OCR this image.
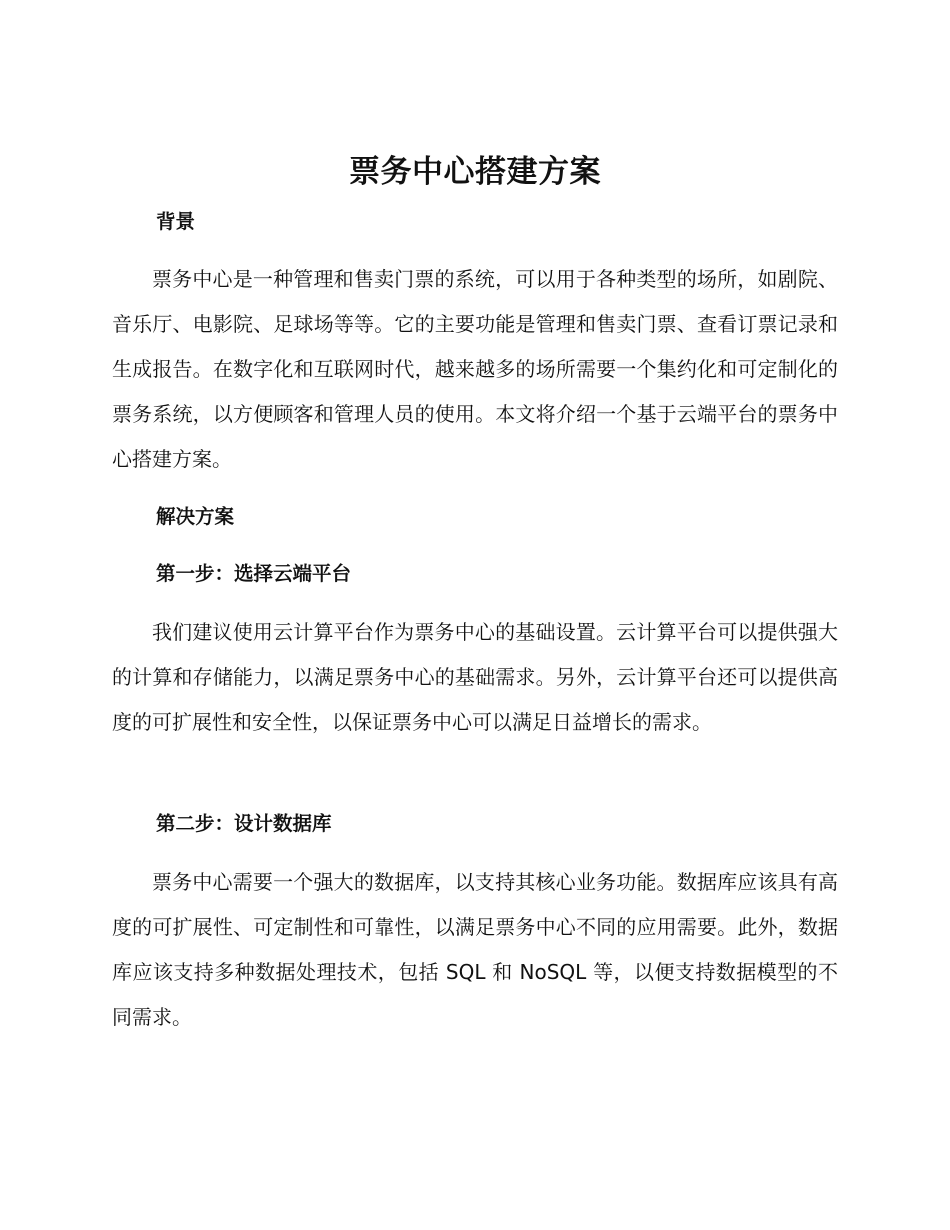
票务中心搭建方案
背景
票务中心是一种管理和售卖门票的系统，可以用于各种类型的场所，如剧院、音乐厅、电影院、足球场等等。它的主要功能是管理和售卖门票、查看订票记录和生成报告。在数字化和互联网时代，越来越多的场所需要一个集约化和可定制化的票务系统，以方便顾客和管理人员的使用。本文将介绍一个基于云端平台的票务中心搭建方案。
解决方案
第一步：选择云端平台
我们建议使用云计算平台作为票务中心的基础设置。云计算平台可以提供强大的计算和存储能力，以满足票务中心的基础需求。另外，云计算平台还可以提供高度的可扩展性和安全性，以保证票务中心可以满足日益增长的需求。
第二步：设计数据库
票务中心需要一个强大的数据库，以支持其核心业务功能。数据库应该具有高度的可扩展性、可定制性和可靠性，以满足票务中心不同的应用需要。此外，数据库应该支持多种数据处理技术，包括 SQL 和 NoSQL 等，以便支持数据模型的不同需求。
